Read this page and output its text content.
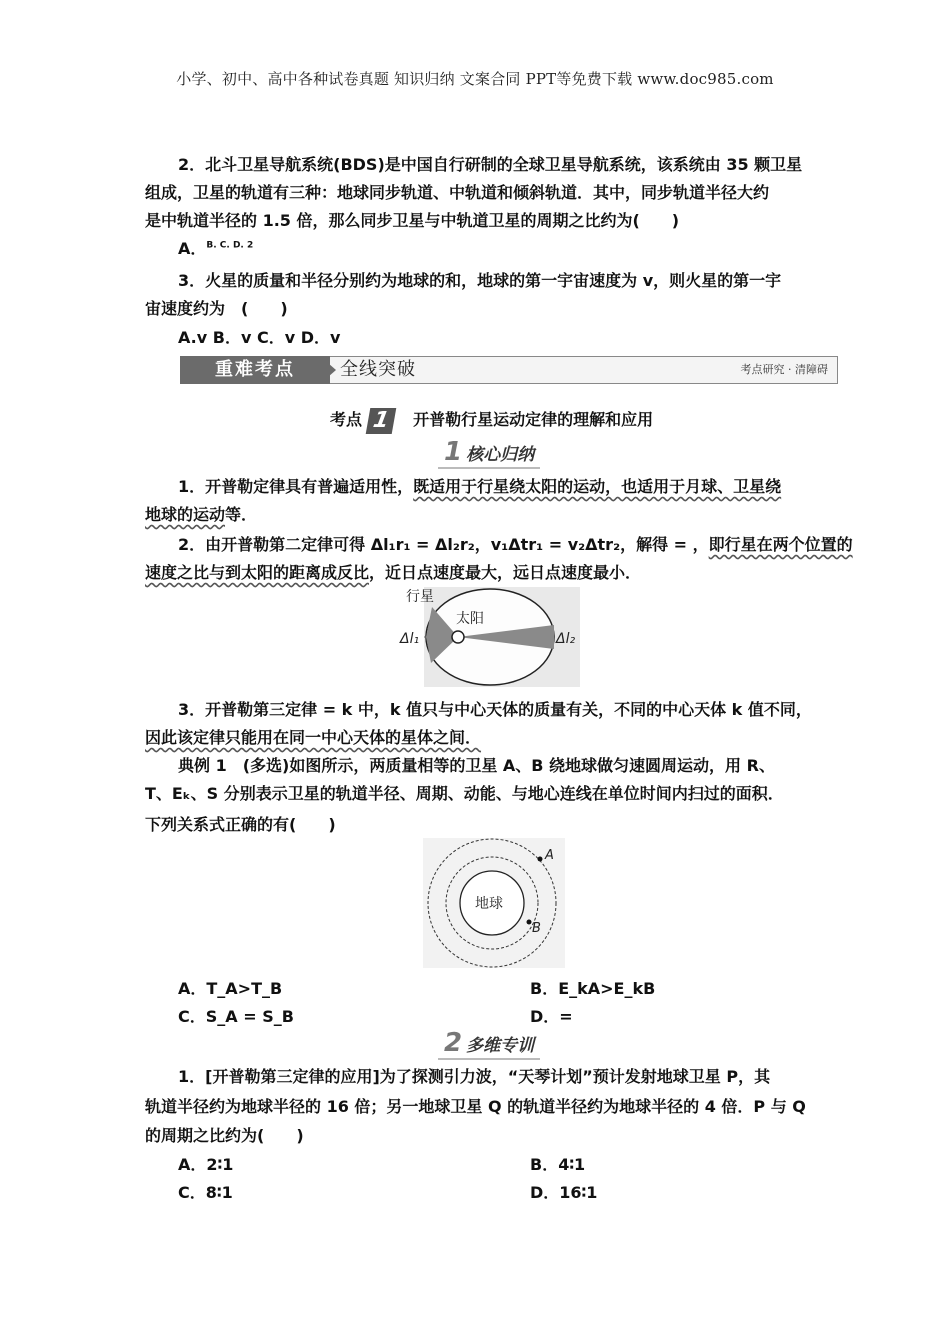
小学、初中、高中各种试卷真题 知识归纳 文案合同 PPT等免费下载 www.doc985.com
2．北斗卫星导航系统(BDS)是中国自行研制的全球卫星导航系统，该系统由 35 颗卫星
组成，卫星的轨道有三种：地球同步轨道、中轨道和倾斜轨道．其中，同步轨道半径大约
是中轨道半径的 1.5 倍，那么同步卫星与中轨道卫星的周期之比约为(　　)
A．$^{B. C. D. 2}$
3．火星的质量和半径分别约为地球的和，地球的第一宇宙速度为 v，则火星的第一宇
宙速度约为　(　　)
A.v B．v C．v D．v
重难考点	全线突破	考点研究 · 清障碍
考点 1 开普勒行星运动定律的理解和应用
1 核心归纳
1．开普勒定律具有普遍适用性，既适用于行星绕太阳的运动，也适用于月球、卫星绕
地球的运动等．
2．由开普勒第二定律可得 Δl₁r₁ = Δl₂r₂，v₁Δtr₁ = v₂Δtr₂，解得 = ，即行星在两个位置的
速度之比与到太阳的距离成反比，近日点速度最大，远日点速度最小．
行星
太阳
Δl₁	Δl₂
3．开普勒第三定律 = k 中，k 值只与中心天体的质量有关，不同的中心天体 k 值不同，
因此该定律只能用在同一中心天体的星体之间．
典例 1　(多选)如图所示，两质量相等的卫星 A、B 绕地球做匀速圆周运动，用 R、
T、Eₖ、S 分别表示卫星的轨道半径、周期、动能、与地心连线在单位时间内扫过的面积．
下列关系式正确的有(　　)
地球
A
B
A．T_A>T_B	B．E_kA>E_kB
C．S_A = S_B	D．=
2 多维专训
1．[开普勒第三定律的应用]为了探测引力波，“天琴计划”预计发射地球卫星 P，其
轨道半径约为地球半径的 16 倍；另一地球卫星 Q 的轨道半径约为地球半径的 4 倍．P 与 Q
的周期之比约为(　　)
A．2∶1	B．4∶1
C．8∶1	D．16∶1
